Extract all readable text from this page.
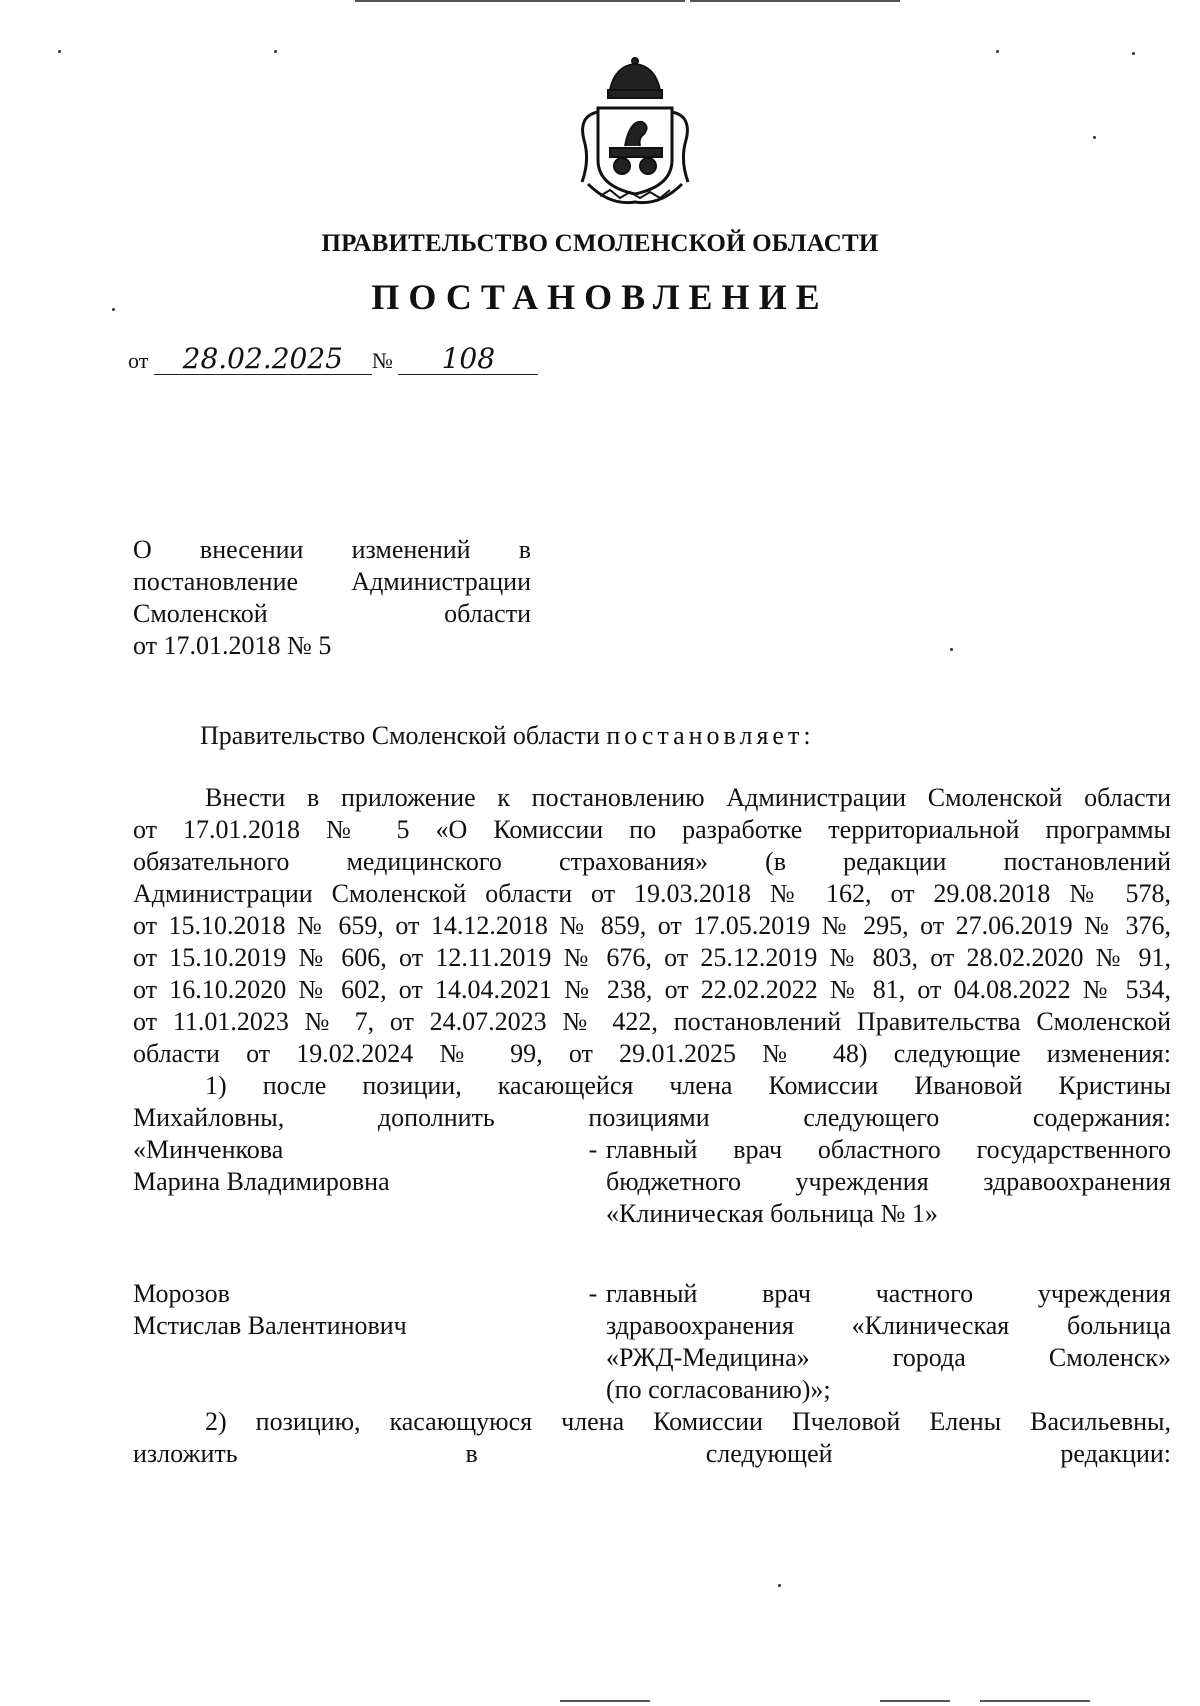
ПРАВИТЕЛЬСТВО СМОЛЕНСКОЙ ОБЛАСТИ
ПОСТАНОВЛЕНИЕ
от 28.02.2025 № 108
О внесении изменений в
постановление Администрации
Смоленской области
от 17.01.2018 № 5
Правительство Смоленской области постановляет:
Внести в приложение к постановлению Администрации Смоленской области
от 17.01.2018 № 5 «О Комиссии по разработке территориальной программы
обязательного медицинского страхования» (в редакции постановлений
Администрации Смоленской области от 19.03.2018 № 162, от 29.08.2018 № 578,
от 15.10.2018 № 659, от 14.12.2018 № 859, от 17.05.2019 № 295, от 27.06.2019 № 376,
от 15.10.2019 № 606, от 12.11.2019 № 676, от 25.12.2019 № 803, от 28.02.2020 № 91,
от 16.10.2020 № 602, от 14.04.2021 № 238, от 22.02.2022 № 81, от 04.08.2022 № 534,
от 11.01.2023 № 7, от 24.07.2023 № 422, постановлений Правительства Смоленской
области от 19.02.2024 № 99, от 29.01.2025 № 48) следующие изменения:
1) после позиции, касающейся члена Комиссии Ивановой Кристины
Михайловны, дополнить позициями следующего содержания:
«Минченкова
Марина Владимировна
- главный врач областного государственного
бюджетного учреждения здравоохранения
«Клиническая больница № 1»
Морозов
Мстислав Валентинович
- главный врач частного учреждения
здравоохранения «Клиническая больница
«РЖД-Медицина» города Смоленск»
(по согласованию)»;
2) позицию, касающуюся члена Комиссии Пчеловой Елены Васильевны,
изложить в следующей редакции:
